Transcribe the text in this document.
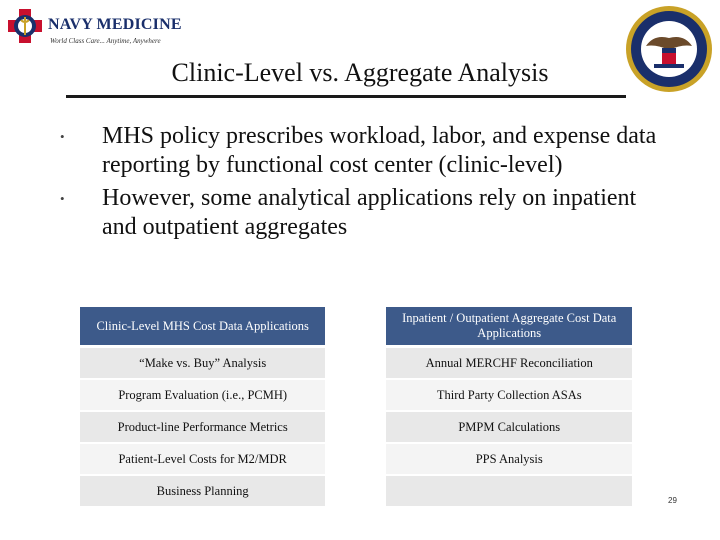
NAVY MEDICINE
World Class Care... Anytime, Anywhere
Clinic-Level vs. Aggregate Analysis
• MHS policy prescribes workload, labor, and expense data reporting by functional cost center (clinic-level)
• However, some analytical applications rely on inpatient and outpatient aggregates
Clinic-Level MHS Cost Data Applications		Inpatient / Outpatient Aggregate Cost Data Applications
“Make vs. Buy” Analysis		Annual MERCHF Reconciliation
Program Evaluation (i.e., PCMH)		Third Party Collection ASAs
Product-line Performance Metrics		PMPM Calculations
Patient-Level Costs for M2/MDR		PPS Analysis
Business Planning		
29
